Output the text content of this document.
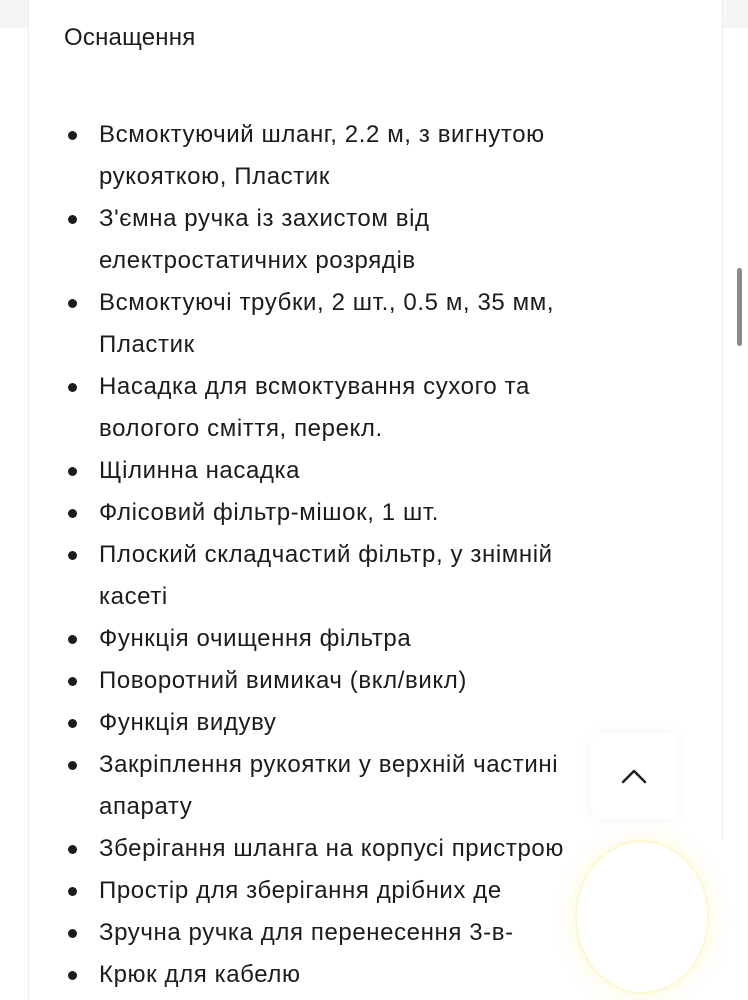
Оснащення
Всмоктуючий шланг, 2.2 м, з вигнутою
рукояткою, Пластик
З'ємна ручка із захистом від
електростатичних розрядів
Всмоктуючі трубки, 2 шт., 0.5 м, 35 мм,
Пластик
Насадка для всмоктування сухого та
вологого сміття, перекл.
Щілинна насадка
Флісовий фільтр-мішок, 1 шт.
Плоский складчастий фільтр, у знімній
касеті
Функція очищення фільтра
Поворотний вимикач (вкл/викл)
Функція видуву
Закріплення рукоятки у верхній частині
апарату
Зберігання шланга на корпусі пристрою
Простір для зберігання дрібних де
Зручна ручка для перенесення 3-в-
Крюк для кабелю
